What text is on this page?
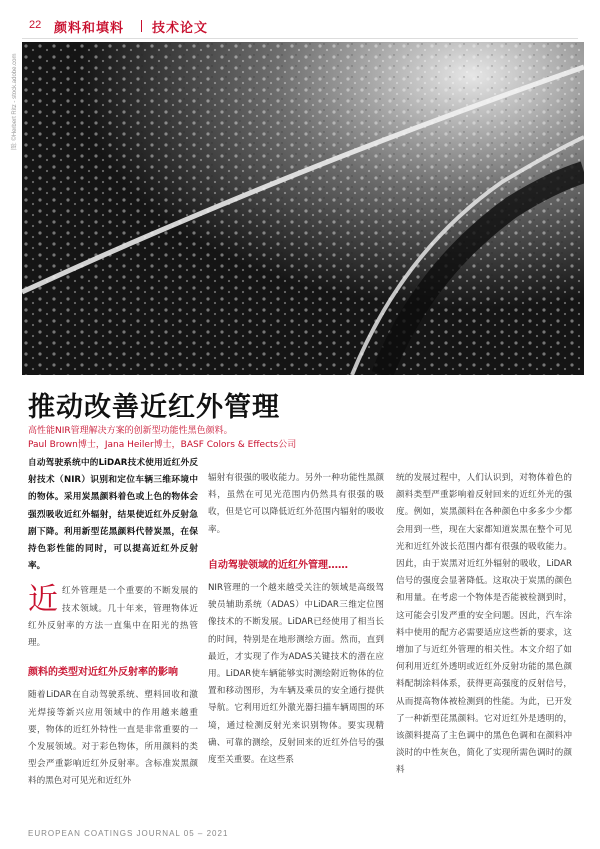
22 颜料和填料 技术论文
图: ©Herbert Ritz - stock.adobe.com
推动改善近红外管理
高性能NIR管理解决方案的创新型功能性黑色颜料。
Paul Brown博士，Jana Heiler博士，BASF Colors & Effects公司

自动驾驶系统中的LiDAR技术使用近红外反射技术（NIR）识别和定位车辆三维环境中的物体。采用炭黑颜料着色或上色的物体会强烈吸收近红外辐射，结果使近红外反射急剧下降。利用新型芘黑颜料代替炭黑，在保持色彩性能的同时，可以提高近红外反射率。

近红外管理是一个重要的不断发展的技术领域。几十年来，管理物体近红外反射率的方法一直集中在阳光的热管理。

颜料的类型对近红外反射率的影响

随着LiDAR在自动驾驶系统、塑料回收和激光焊接等新兴应用领域中的作用越来越重要，物体的近红外特性一直是非常重要的一个发展领域。对于彩色物体，所用颜料的类型会严重影响近红外反射率。含标准炭黑颜料的黑色对可见光和近红外

辐射有很强的吸收能力。另外一种功能性黑颜料，虽然在可见光范围内仍然具有很强的吸收，但是它可以降低近红外范围内辐射的吸收率。

自动驾驶领域的近红外管理……

NIR管理的一个越来越受关注的领域是高级驾驶员辅助系统（ADAS）中LiDAR三维定位图像技术的不断发展。LiDAR已经使用了相当长的时间，特别是在地形测绘方面。然而，直到最近，才实现了作为ADAS关键技术的潜在应用。LiDAR使车辆能够实时测绘附近物体的位置和移动图形，为车辆及乘员的安全通行提供导航。它利用近红外激光器扫描车辆周围的环境，通过检测反射光来识别物体。要实现精确、可靠的测绘，反射回来的近红外信号的强度至关重要。在这些系

统的发展过程中，人们认识到，对物体着色的颜料类型严重影响着反射回来的近红外光的强度。例如，炭黑颜料在各种颜色中多多少少都会用到一些，现在大家都知道炭黑在整个可见光和近红外波长范围内都有很强的吸收能力。因此，由于炭黑对近红外辐射的吸收，LiDAR信号的强度会显著降低。这取决于炭黑的颜色和用量。在考虑一个物体是否能被检测到时，这可能会引发严重的安全问题。因此，汽车涂料中使用的配方必需要适应这些新的要求，这增加了与近红外管理的相关性。本文介绍了如何利用近红外透明或近红外反射功能的黑色颜料配制涂料体系，获得更高强度的反射信号，从而提高物体被检测到的性能。为此，已开发了一种新型芘黑颜料。它对近红外是透明的，该颜料提高了主色调中的黑色色调和在颜料冲淡时的中性灰色，简化了实现所需色调时的颜料

EUROPEAN COATINGS JOURNAL 05 – 2021
